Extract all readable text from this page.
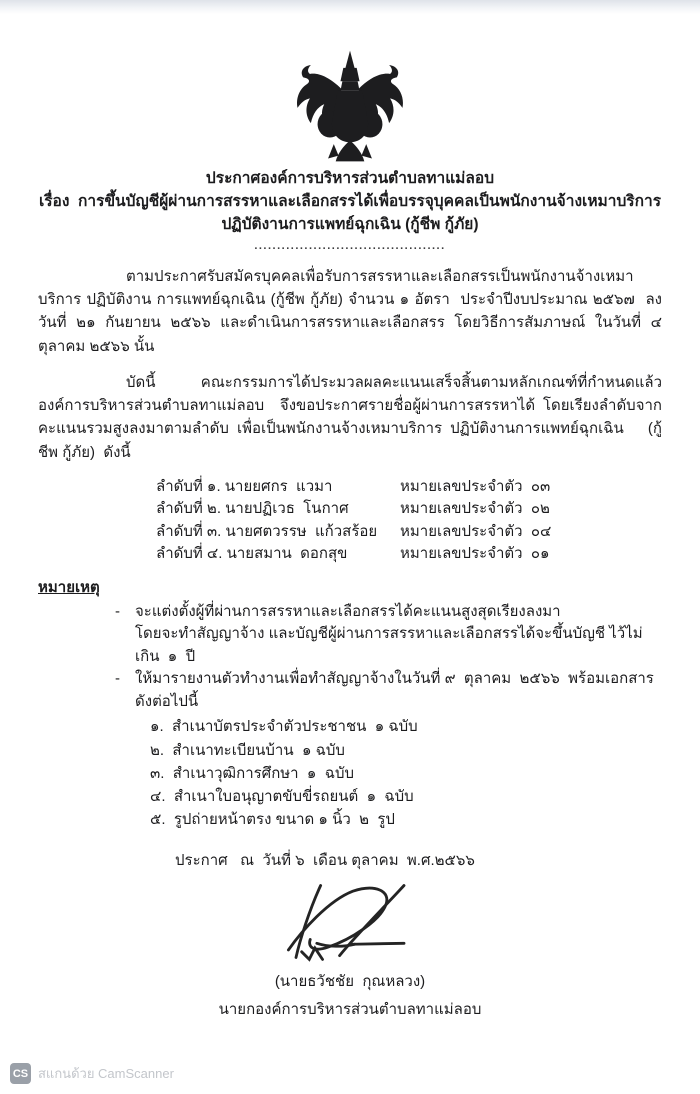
ประกาศองค์การบริหารส่วนตำบลทาแม่ลอบ
เรื่อง  การขึ้นบัญชีผู้ผ่านการสรรหาและเลือกสรรได้เพื่อบรรจุบุคคลเป็นพนักงานจ้างเหมาบริการ
ปฏิบัติงานการแพทย์ฉุกเฉิน (กู้ชีพ กู้ภัย)
..........................................
ตามประกาศรับสมัครบุคคลเพื่อรับการสรรหาและเลือกสรรเป็นพนักงานจ้างเหมาบริการ ปฏิบัติงาน การแพทย์ฉุกเฉิน (กู้ชีพ กู้ภัย) จำนวน ๑ อัตรา  ประจำปีงบประมาณ ๒๕๖๗  ลงวันที่ ๒๑ กันยายน ๒๕๖๖ และดำเนินการสรรหาและเลือกสรร โดยวิธีการสัมภาษณ์ ในวันที่ ๔ ตุลาคม ๒๕๖๖ นั้น
บัดนี้  คณะกรรมการได้ประมวลผลคะแนนเสร็จสิ้นตามหลักเกณฑ์ที่กำหนดแล้ว  องค์การบริหารส่วนตำบลทาแม่ลอบ  จึงขอประกาศรายชื่อผู้ผ่านการสรรหาได้ โดยเรียงลำดับจากคะแนนรวมสูงลงมาตามลำดับ เพื่อเป็นพนักงานจ้างเหมาบริการ ปฏิบัติงานการแพทย์ฉุกเฉิน   (กู้ชีพ กู้ภัย)  ดังนี้
ลำดับที่ ๑. นายยศกร  แวมา	หมายเลขประจำตัว  ๐๓
ลำดับที่ ๒. นายปฏิเวธ  โนกาศ	หมายเลขประจำตัว  ๐๒
ลำดับที่ ๓. นายศตวรรษ  แก้วสร้อย	หมายเลขประจำตัว  ๐๔
ลำดับที่ ๔. นายสมาน  ดอกสุข	หมายเลขประจำตัว  ๐๑
หมายเหตุ
-	จะแต่งตั้งผู้ที่ผ่านการสรรหาและเลือกสรรได้คะแนนสูงสุดเรียงลงมา
โดยจะทำสัญญาจ้าง และบัญชีผู้ผ่านการสรรหาและเลือกสรรได้จะขึ้นบัญชี ไว้ไม่เกิน  ๑  ปี
-	ให้มารายงานตัวทำงานเพื่อทำสัญญาจ้างในวันที่ ๙  ตุลาคม  ๒๕๖๖  พร้อมเอกสารดังต่อไปนี้
๑.  สำเนาบัตรประจำตัวประชาชน  ๑ ฉบับ
๒.  สำเนาทะเบียนบ้าน  ๑ ฉบับ
๓.  สำเนาวุฒิการศึกษา  ๑  ฉบับ
๔.  สำเนาใบอนุญาตขับขี่รถยนต์  ๑  ฉบับ
๕.  รูปถ่ายหน้าตรง ขนาด ๑ นิ้ว  ๒  รูป
ประกาศ   ณ  วันที่ ๖  เดือน ตุลาคม  พ.ศ.๒๕๖๖
(นายธวัชชัย  กุณหลวง)
นายกองค์การบริหารส่วนตำบลทาแม่ลอบ
CS สแกนด้วย CamScanner
